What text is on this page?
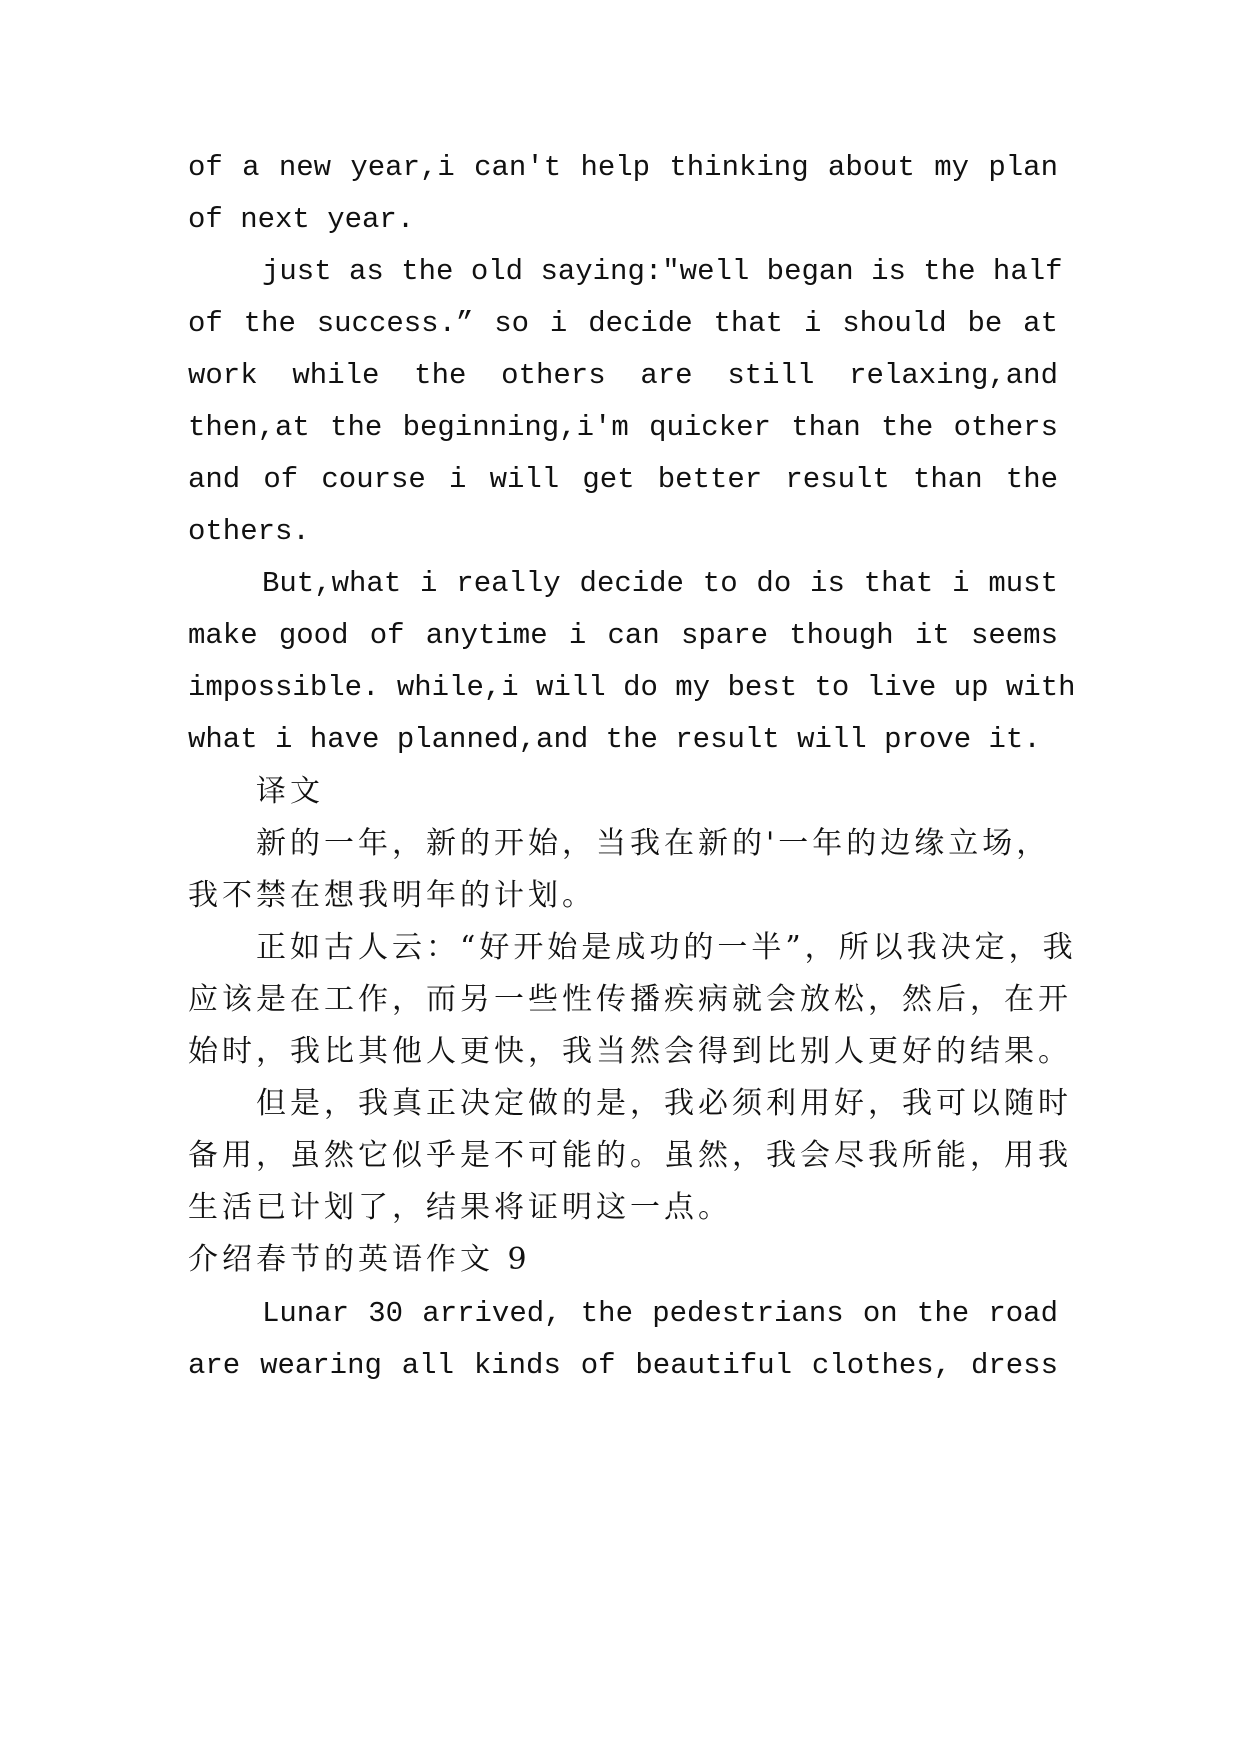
of a new year,i can't help thinking about my plan
of next year.
just as the old saying:"well began is the half
of the success.” so i decide that i should be at
work while the others are still relaxing,and
then,at the beginning,i'm quicker than the others
and of course i will get better result than the
others.
But,what i really decide to do is that i must
make good of anytime i can spare though it seems
impossible. while,i will do my best to live up with
what i have planned,and the result will prove it.
译文
新的一年，新的开始，当我在新的'一年的边缘立场，
我不禁在想我明年的计划。
正如古人云：“好开始是成功的一半”，所以我决定，我
应该是在工作，而另一些性传播疾病就会放松，然后，在开
始时，我比其他人更快，我当然会得到比别人更好的结果。
但是，我真正决定做的是，我必须利用好，我可以随时
备用，虽然它似乎是不可能的。虽然，我会尽我所能，用我
生活已计划了，结果将证明这一点。
介绍春节的英语作文 9
Lunar 30 arrived, the pedestrians on the road
are wearing all kinds of beautiful clothes, dress
